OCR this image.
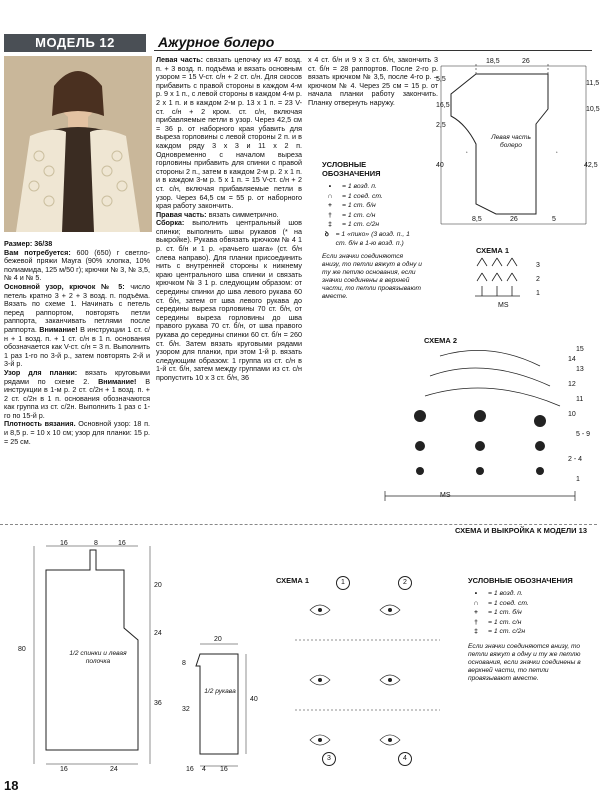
МОДЕЛЬ 12	Ажурное болеро

Размер: 36/38

Вам потребуется: 600 (650) г светло-бежевой пряжи Mayra (90% хлопка, 10% полиамида, 125 м/50 г); крючки № 3, № 3,5, № 4 и № 5.

Основной узор, крючок № 5: число петель кратно 3 + 2 + 3 возд. п. подъёма. Вязать по схеме 1. Начинать с петель перед раппортом, повторять петли раппорта, заканчивать петлями после раппорта. Внимание! В инструкции 1 ст. с/н + 1 возд. п. + 1 ст. с/н в 1 п. основания обозначается как V-ст. с/н = 3 п. Выполнить 1 раз 1-го по 3-й р., затем повторять 2-й и 3-й р.

Узор для планки: вязать круговыми рядами по схеме 2. Внимание! В инструкции в 1-м р. 2 ст. с/2н + 1 возд. п. + 2 ст. с/2н в 1 п. основания обозначаются как группа из ст. с/2н. Выполнить 1 раз с 1-го по 15-й р.

Плотность вязания. Основной узор: 18 п. и 8,5 р. = 10 х 10 см; узор для планки: 15 р. = 25 см.

Левая часть: связать цепочку из 47 возд. п. + 3 возд. п. подъёма и вязать основным узором = 15 V-ст. с/н + 2 ст. с/н. Для скосов прибавить с правой стороны в каждом 4-м р. 9 х 1 п., с левой стороны в каждом 4-м р. 2 х 1 п. и в каждом 2-м р. 13 х 1 п. = 23 V-ст. с/н + 2 кром. ст. с/н, включая прибавляемые петли в узор. Через 42,5 см = 36 р. от наборного края убавить для выреза горловины с левой стороны 2 п. и в каждом ряду 3 х 3 и 11 х 2 п. Одновременно с началом выреза горловины прибавить для спинки с правой стороны 2 п., затем в каждом 2-м р. 2 х 1 п. и в каждом 3-м р. 5 х 1 п. = 15 V-ст. с/н + 2 ст. с/н, включая прибавляемые петли в узор. Через 64,5 см = 55 р. от наборного края работу закончить.

Правая часть: вязать симметрично.

Сборка: выполнить центральный шов спинки; выполнить швы рукавов (* на выкройке). Рукава обвязать крючком № 4 1 р. ст. б/н и 1 р. «рачьего шага» (ст. б/н слева направо). Для планки присоединить нить с внутренней стороны к нижнему краю центрального шва спинки и связать крючком № 3 1 р. следующим образом: от середины спинки до шва левого рукава 60 ст. б/н, затем от шва левого рукава до середины выреза горловины 70 ст. б/н, от середины выреза горловины до шва правого рукава 70 ст. б/н, от шва правого рукава до середины спинки 60 ст. б/н = 260 ст. б/н. Затем вязать круговыми рядами узором для планки, при этом 1-й р. вязать следующим образом: 1 группа из ст. с/н в 1-й ст. б/н, затем между группами из ст. с/н пропустить 10 х 3 ст. б/н, 36

х 4 ст. б/н и 9 х 3 ст. б/н, закончить 3 ст. б/н = 28 раппортов. После 2-го р. вязать крючком № 3,5, после 4-го р. – крючком № 4. Через 25 см = 15 р. от начала планки работу закончить. Планку отвернуть наружу.

УСЛОВНЫЕ ОБОЗНАЧЕНИЯ
•	= 1 возд. п.
∩	= 1 соед. ст.
+	= 1 ст. б/н
†	= 1 ст. с/н
‡	= 1 ст. с/2н
ꝺ = 1 «пико» (3 возд. п., 1 ст. б/н в 1-ю возд. п.)
Если значки соединяются внизу, то петли вяжут в одну и ту же петлю основания, если значки соединены в верхней части, то петли провязывают вместе.
*	*
Левая часть болеро
18,5	26
5,5
11,5
16,5
10,5
2,5
40	42,5
8,5	26	5
СХЕМА 1
3
2
1
MS
СХЕМА 2
15
14
13
12
11
10
5 - 9
2 - 4
1
MS
СХЕМА И ВЫКРОЙКА К МОДЕЛИ 13
1/2 спинки и левая полочка
16	8	16
20
24
36
80
16	24
1/2 рукава
20
8
40
32
16 4 16
СХЕМА 1	1	2
3	4
УСЛОВНЫЕ ОБОЗНАЧЕНИЯ
•	= 1 возд. п.
∩	= 1 соед. ст.
+	= 1 ст. б/н
†	= 1 ст. с/н
‡	= 1 ст. с/2н
Если значки соединяются внизу, то петли вяжут в одну и ту же петлю основания, если значки соединены в верхней части, то петли провязывают вместе.
18
